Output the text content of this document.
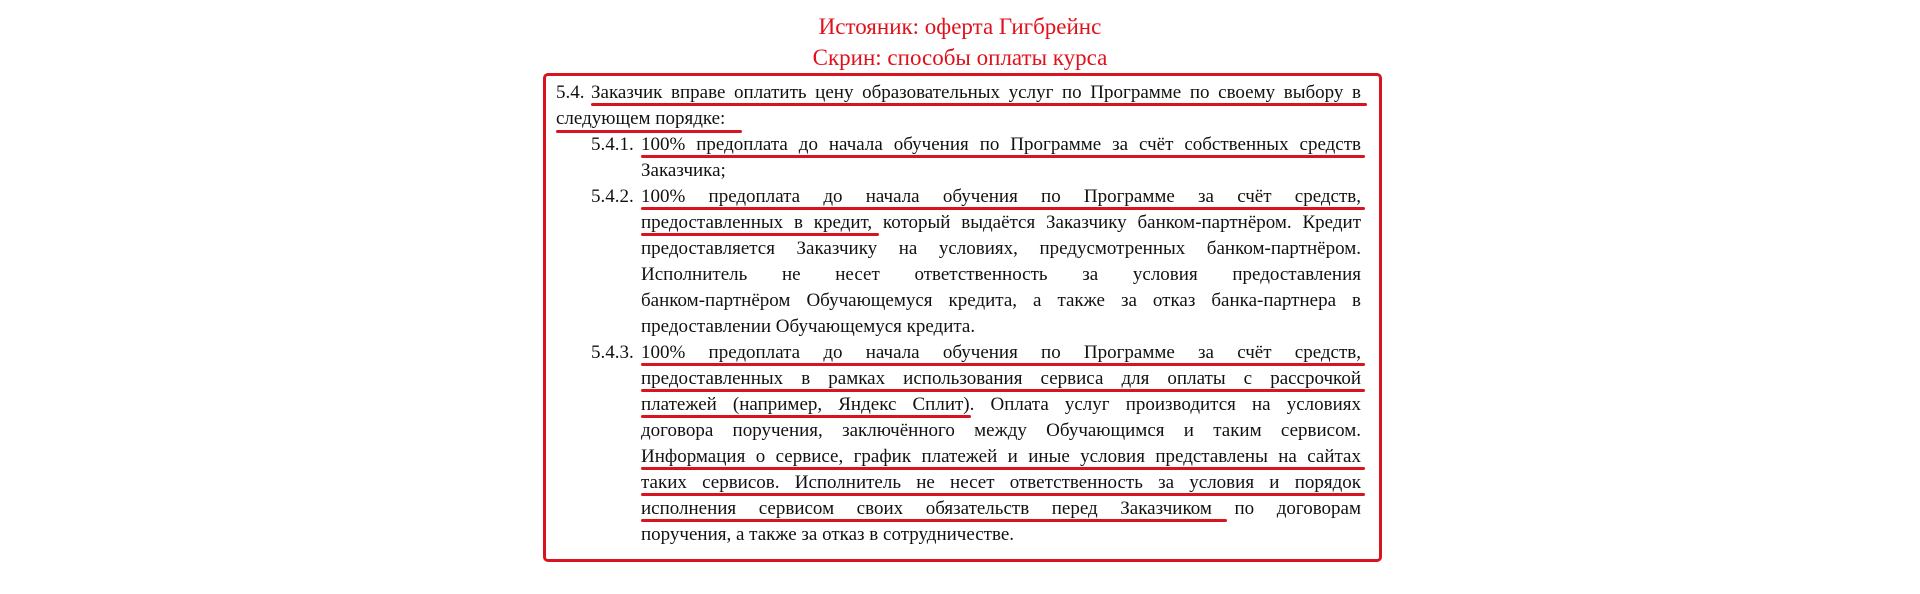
Истояник: оферта Гигбрейнс
Скрин: способы оплаты курса
5.4. Заказчик вправе оплатить цену образовательных услуг по Программе по своему выбору в
следующем порядке:
5.4.1. 100% предоплата до начала обучения по Программе за счёт собственных средств
Заказчика;
5.4.2. 100% предоплата до начала обучения по Программе за счёт средств,
предоставленных в кредит, который выдаётся Заказчику банком-партнёром. Кредит
предоставляется Заказчику на условиях, предусмотренных банком-партнёром.
Исполнитель не несет ответственность за условия предоставления
банком-партнёром Обучающемуся кредита, а также за отказ банка-партнера в
предоставлении Обучающемуся кредита.
5.4.3. 100% предоплата до начала обучения по Программе за счёт средств,
предоставленных в рамках использования сервиса для оплаты с рассрочкой
платежей (например, Яндекс Сплит). Оплата услуг производится на условиях
договора поручения, заключённого между Обучающимся и таким сервисом.
Информация о сервисе, график платежей и иные условия представлены на сайтах
таких сервисов. Исполнитель не несет ответственность за условия и порядок
исполнения сервисом своих обязательств перед Заказчиком по договорам
поручения, а также за отказ в сотрудничестве.
